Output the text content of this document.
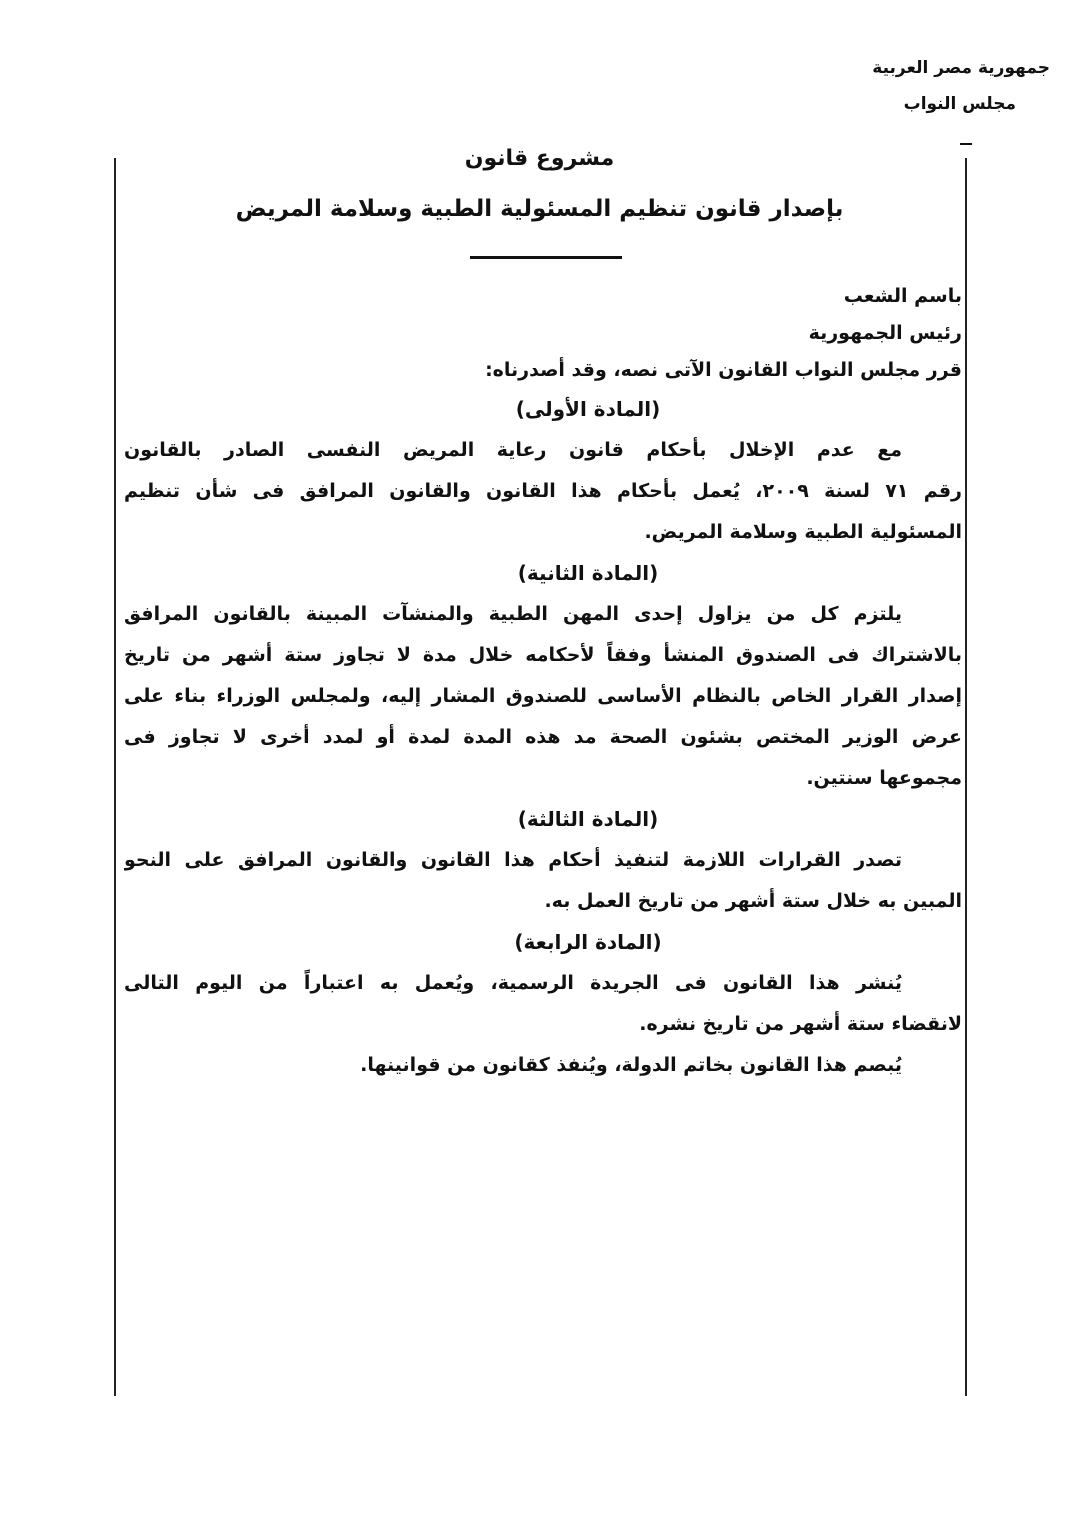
جمهورية مصر العربية
مجلس النواب
مشروع قانون
بإصدار قانون تنظيم المسئولية الطبية وسلامة المريض
باسم الشعب
رئيس الجمهورية
قرر مجلس النواب القانون الآتى نصه، وقد أصدرناه:
(المادة الأولى)
مع عدم الإخلال بأحكام قانون رعاية المريض النفسى الصادر بالقانون
رقم ٧١ لسنة ٢٠٠٩، يُعمل بأحكام هذا القانون والقانون المرافق فى شأن تنظيم
المسئولية الطبية وسلامة المريض.
(المادة الثانية)
يلتزم كل من يزاول إحدى المهن الطبية والمنشآت المبينة بالقانون المرافق
بالاشتراك فى الصندوق المنشأ وفقاً لأحكامه خلال مدة لا تجاوز ستة أشهر من تاريخ
إصدار القرار الخاص بالنظام الأساسى للصندوق المشار إليه، ولمجلس الوزراء بناء على
عرض الوزير المختص بشئون الصحة مد هذه المدة لمدة أو لمدد أخرى لا تجاوز فى
مجموعها سنتين.
(المادة الثالثة)
تصدر القرارات اللازمة لتنفيذ أحكام هذا القانون والقانون المرافق على النحو
المبين به خلال ستة أشهر من تاريخ العمل به.
(المادة الرابعة)
يُنشر هذا القانون فى الجريدة الرسمية، ويُعمل به اعتباراً من اليوم التالى
لانقضاء ستة أشهر من تاريخ نشره.
يُبصم هذا القانون بخاتم الدولة، ويُنفذ كقانون من قوانينها.
